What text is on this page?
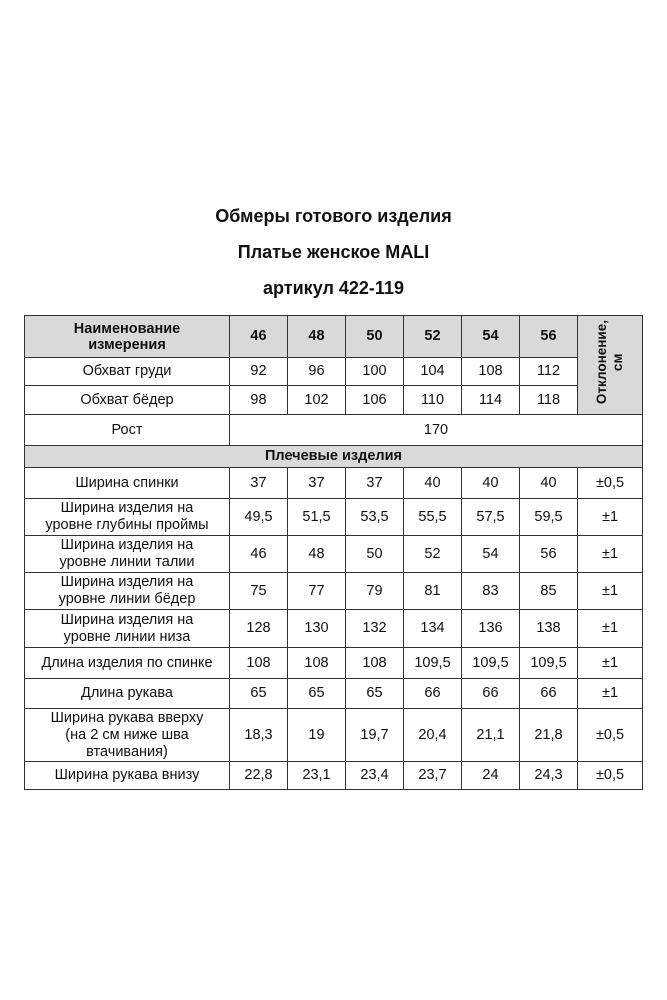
Обмеры готового изделия
Платье женское MALI
артикул 422-119
Наименование
измерения	46	48	50	52	54	56	Отклонение,
см
Обхват груди	92	96	100	104	108	112	
Обхват бёдер	98	102	106	110	114	118	
Рост	170						
Плечевые изделия							
Ширина спинки	37	37	37	40	40	40	±0,5
Ширина изделия на
уровне глубины проймы	49,5	51,5	53,5	55,5	57,5	59,5	±1
Ширина изделия на
уровне линии талии	46	48	50	52	54	56	±1
Ширина изделия на
уровне линии бёдер	75	77	79	81	83	85	±1
Ширина изделия на
уровне линии низа	128	130	132	134	136	138	±1
Длина изделия по спинке	108	108	108	109,5	109,5	109,5	±1
Длина рукава	65	65	65	66	66	66	±1
Ширина рукава вверху
(на 2 см ниже шва
втачивания)	18,3	19	19,7	20,4	21,1	21,8	±0,5
Ширина рукава внизу	22,8	23,1	23,4	23,7	24	24,3	±0,5
